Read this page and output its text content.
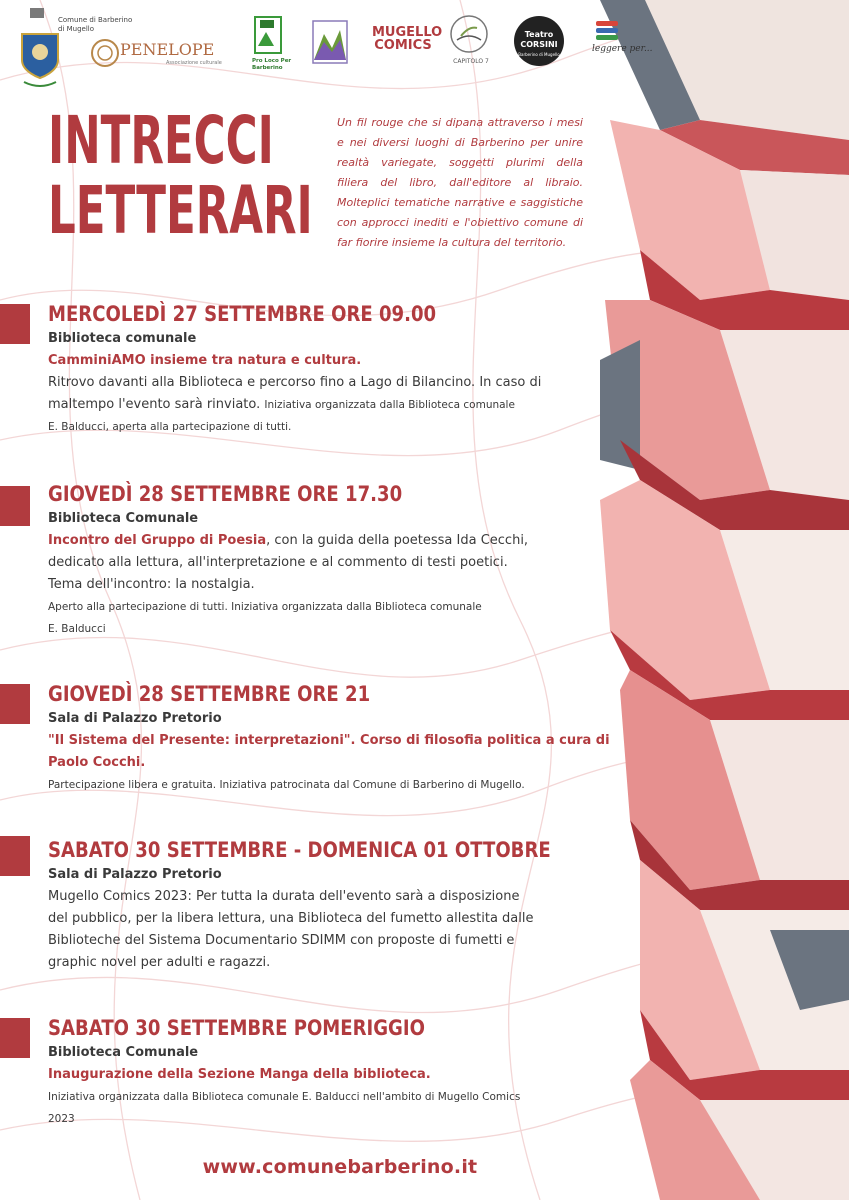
Comune di Barberino di Mugello
PENELOPE
Associazione culturale	Pro Loco Per Barberino
MUGELLO COMICS
CAPITOLO 7
Teatro CORSINI
Barberino di Mugello
leggere per...
INTRECCI
LETTERARI
Un fil rouge che si dipana attraverso i mesi e nei diversi luoghi di Barberino per unire realtà variegate, soggetti plurimi della filiera del libro, dall'editore al libraio. Molteplici tematiche narrative e saggistiche con approcci inediti e l'obiettivo comune di far fiorire insieme la cultura del territorio.
MERCOLEDÌ 27 SETTEMBRE ORE 09.00
Biblioteca comunale
CamminiAMO insieme tra natura e cultura.
Ritrovo davanti alla Biblioteca e percorso fino a Lago di Bilancino. In caso di
maltempo l'evento sarà rinviato. Iniziativa organizzata dalla Biblioteca comunale
E. Balducci, aperta alla partecipazione di tutti.
GIOVEDÌ 28 SETTEMBRE ORE 17.30
Biblioteca Comunale
Incontro del Gruppo di Poesia, con la guida della poetessa Ida Cecchi,
dedicato alla lettura, all'interpretazione e al commento di testi poetici.
Tema dell'incontro: la nostalgia.
Aperto alla partecipazione di tutti. Iniziativa organizzata dalla Biblioteca comunale
E. Balducci
GIOVEDÌ 28 SETTEMBRE ORE 21
Sala di Palazzo Pretorio
"Il Sistema del Presente: interpretazioni". Corso di filosofia politica a cura di
Paolo Cocchi.
Partecipazione libera e gratuita. Iniziativa patrocinata dal Comune di Barberino di Mugello.
SABATO 30 SETTEMBRE - DOMENICA 01 OTTOBRE
Sala di Palazzo Pretorio
Mugello Comics 2023: Per tutta la durata dell'evento sarà a disposizione
del pubblico, per la libera lettura, una Biblioteca del fumetto allestita dalle
Biblioteche del Sistema Documentario SDIMM con proposte di fumetti e
graphic novel per adulti e ragazzi.
SABATO 30 SETTEMBRE POMERIGGIO
Biblioteca Comunale
Inaugurazione della Sezione Manga della biblioteca.
Iniziativa organizzata dalla Biblioteca comunale E. Balducci nell'ambito di Mugello Comics
2023
www.comunebarberino.it
